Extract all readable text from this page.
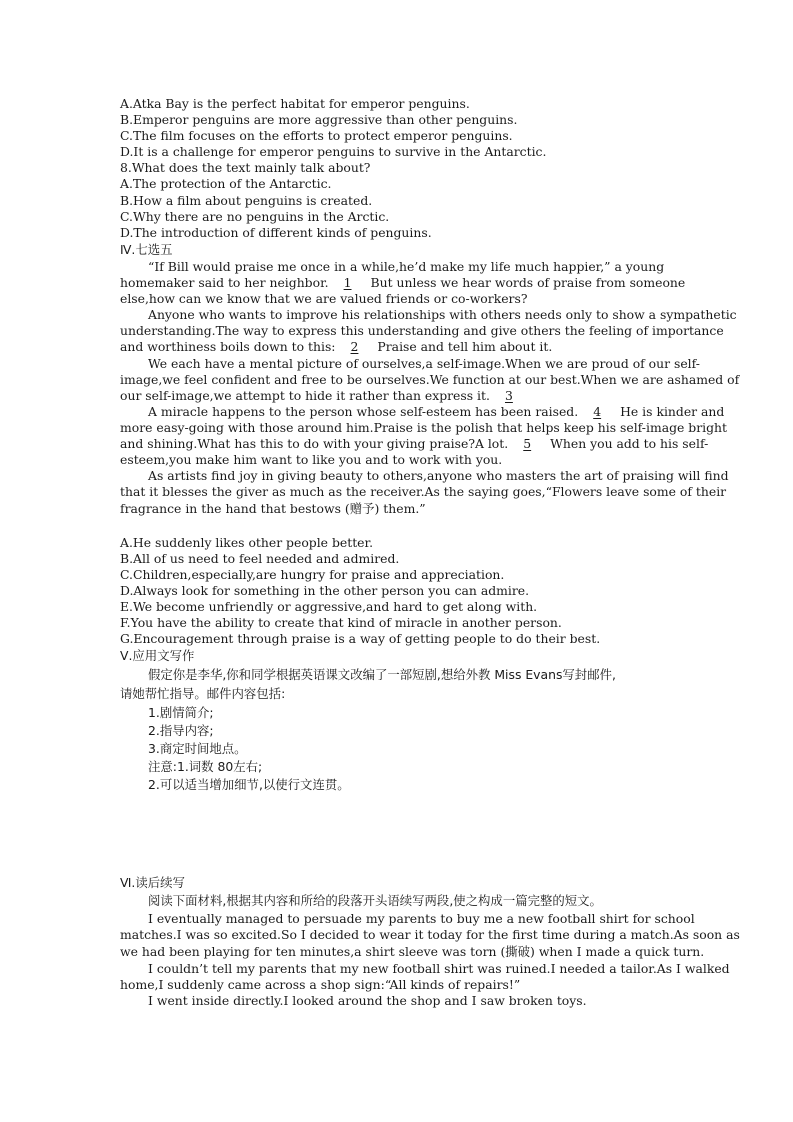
A.Atka Bay is the perfect habitat for emperor penguins.
B.Emperor penguins are more aggressive than other penguins.
C.The film focuses on the efforts to protect emperor penguins.
D.It is a challenge for emperor penguins to survive in the Antarctic.
8.What does the text mainly talk about?
A.The protection of the Antarctic.
B.How a film about penguins is created.
C.Why there are no penguins in the Arctic.
D.The introduction of different kinds of penguins.
Ⅳ.七选五
“If Bill would praise me once in a while,he’d make my life much happier,” a young
homemaker said to her neighbor. 1 But unless we hear words of praise from someone
else,how can we know that we are valued friends or co-workers?
Anyone who wants to improve his relationships with others needs only to show a sympathetic
understanding.The way to express this understanding and give others the feeling of importance
and worthiness boils down to this: 2 Praise and tell him about it.
We each have a mental picture of ourselves,a self-image.When we are proud of our self-
image,we feel confident and free to be ourselves.We function at our best.When we are ashamed of
our self-image,we attempt to hide it rather than express it. 3
A miracle happens to the person whose self-esteem has been raised. 4 He is kinder and
more easy-going with those around him.Praise is the polish that helps keep his self-image bright
and shining.What has this to do with your giving praise?A lot. 5 When you add to his self-
esteem,you make him want to like you and to work with you.
As artists find joy in giving beauty to others,anyone who masters the art of praising will find
that it blesses the giver as much as the receiver.As the saying goes,“Flowers leave some of their
fragrance in the hand that bestows (赠予) them.”
A.He suddenly likes other people better.
B.All of us need to feel needed and admired.
C.Children,especially,are hungry for praise and appreciation.
D.Always look for something in the other person you can admire.
E.We become unfriendly or aggressive,and hard to get along with.
F.You have the ability to create that kind of miracle in another person.
G.Encouragement through praise is a way of getting people to do their best.
Ⅴ.应用文写作
假定你是李华,你和同学根据英语课文改编了一部短剧,想给外教 Miss Evans写封邮件,
请她帮忙指导。邮件内容包括:
1.剧情简介;
2.指导内容;
3.商定时间地点。
注意:1.词数 80左右;
2.可以适当增加细节,以使行文连贯。
Ⅵ.读后续写
阅读下面材料,根据其内容和所给的段落开头语续写两段,使之构成一篇完整的短文。
I eventually managed to persuade my parents to buy me a new football shirt for school
matches.I was so excited.So I decided to wear it today for the first time during a match.As soon as
we had been playing for ten minutes,a shirt sleeve was torn (撕破) when I made a quick turn.
I couldn’t tell my parents that my new football shirt was ruined.I needed a tailor.As I walked
home,I suddenly came across a shop sign:“All kinds of repairs!”
I went inside directly.I looked around the shop and I saw broken toys.
